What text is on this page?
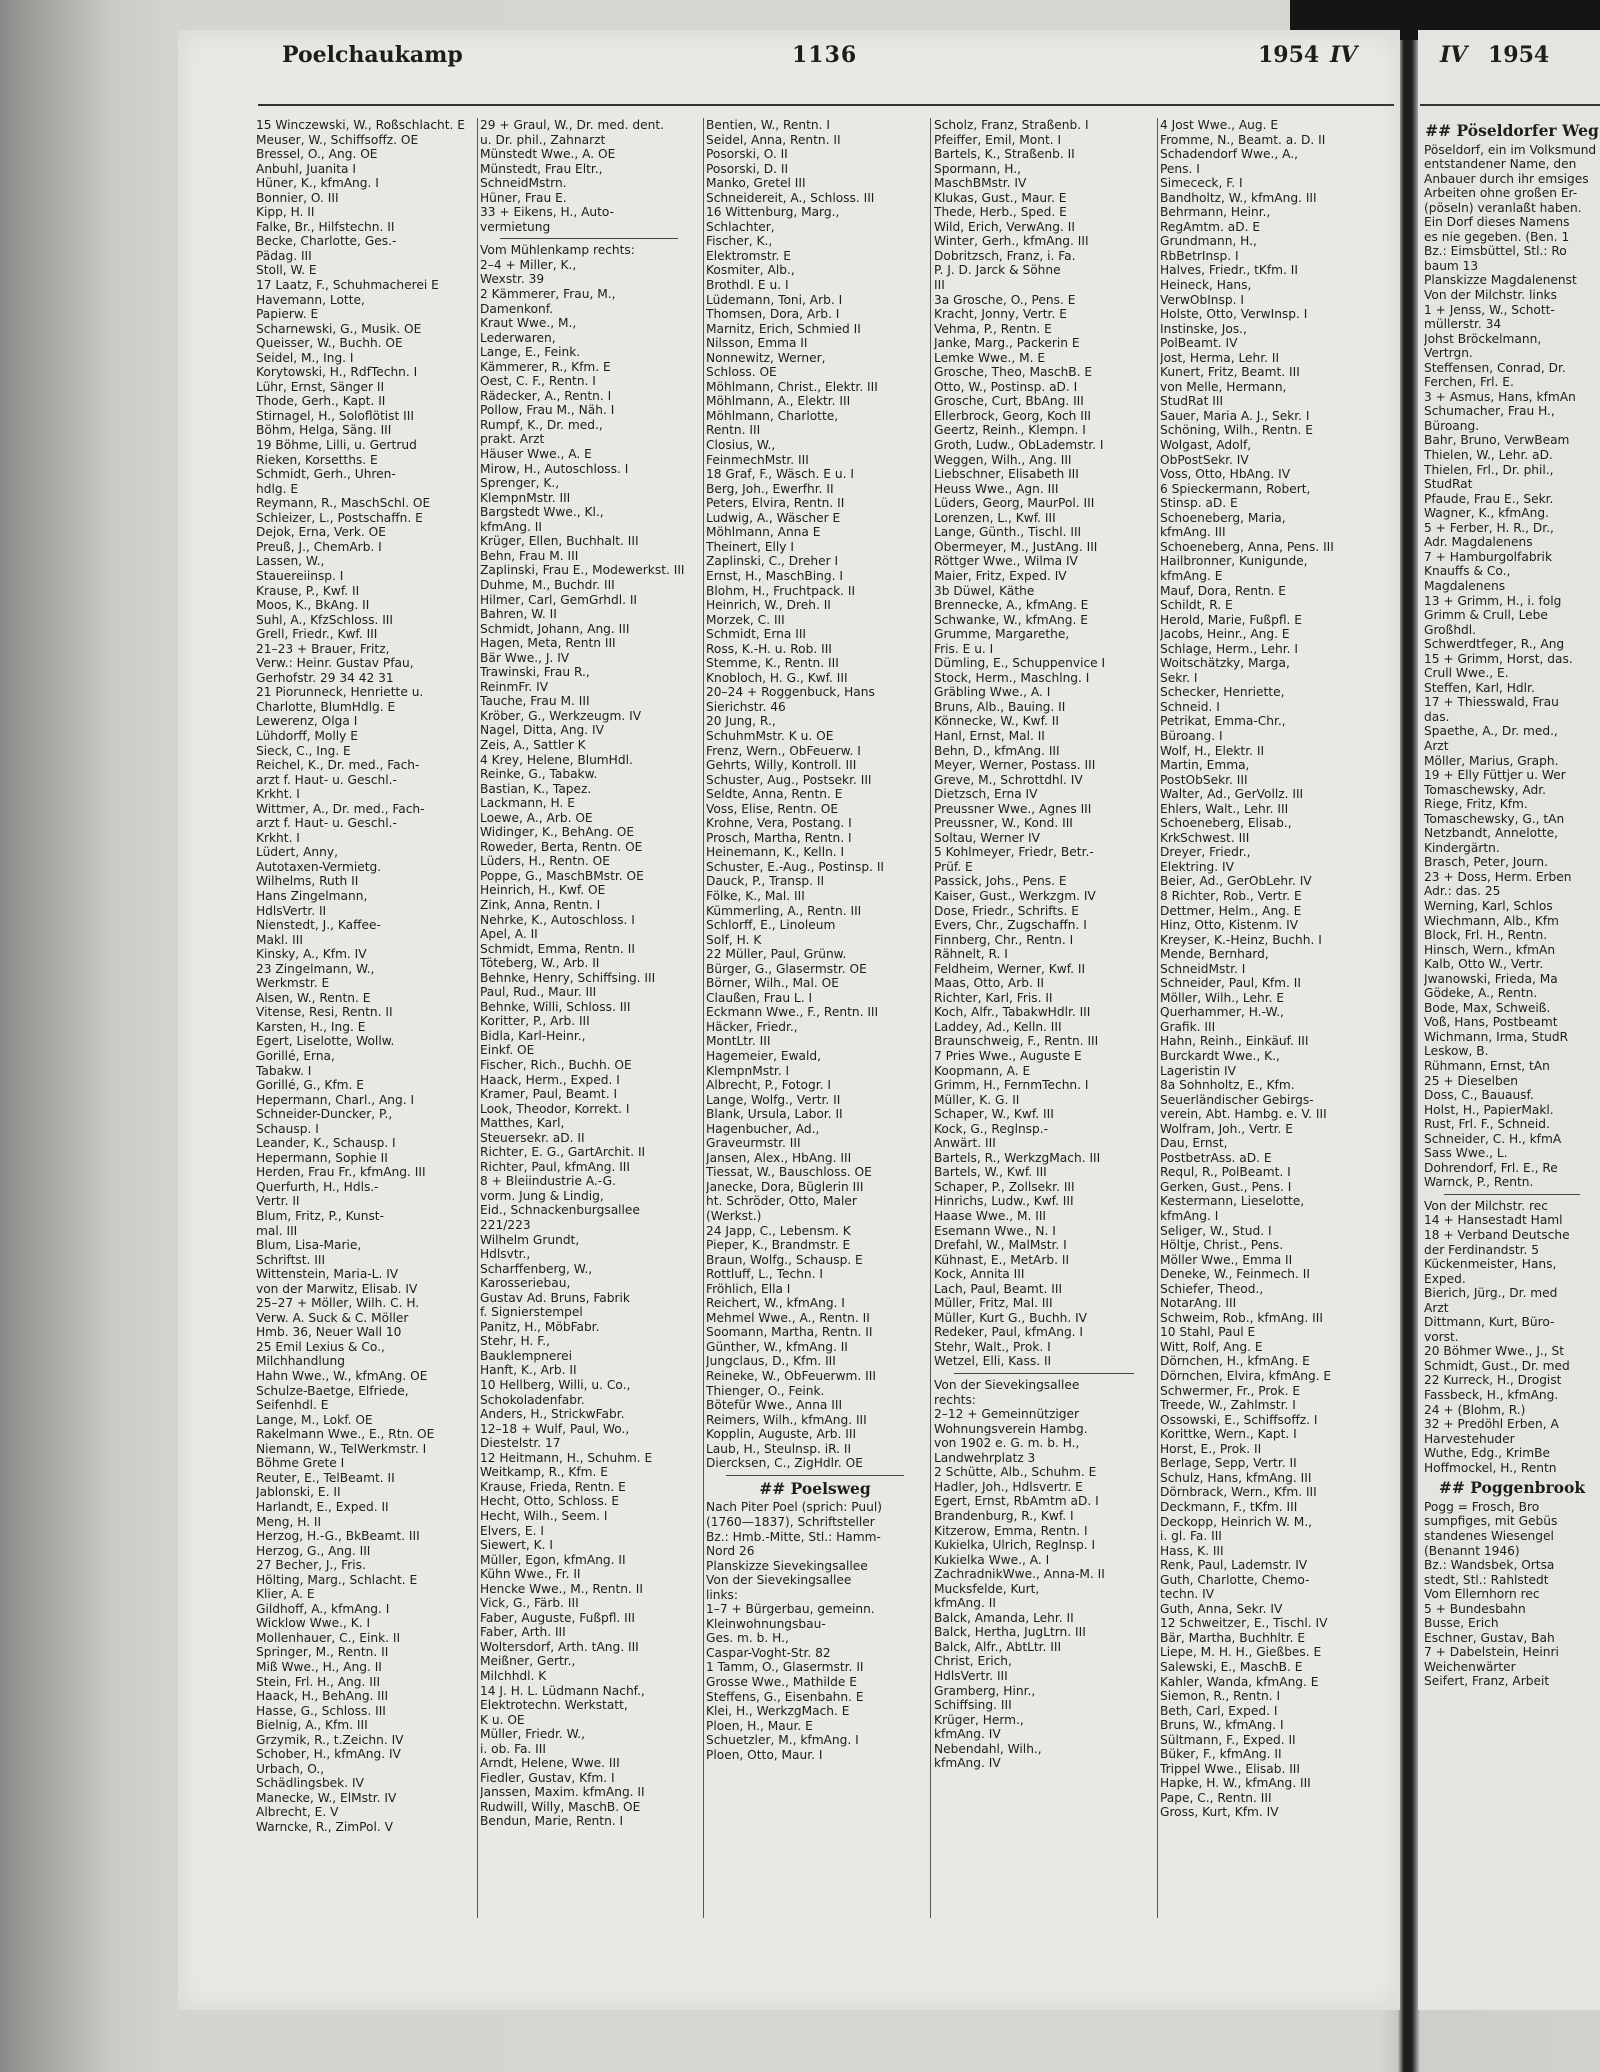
Poelchaukamp	1136	1954 IV	IV 1954
15 Winczewski, W., Roßschlacht. E
Meuser, W., Schiffsoffz. OE
Bressel, O., Ang. OE
Anbuhl, Juanita I
Hüner, K., kfmAng. I
Bonnier, O. III
Kipp, H. II
Falke, Br., Hilfstechn. II
Becke, Charlotte, Ges.-
Pädag. III
Stoll, W. E
17 Laatz, F., Schuhmacherei E
Havemann, Lotte,
Papierw. E
Scharnewski, G., Musik. OE
Queisser, W., Buchh. OE
Seidel, M., Ing. I
Korytowski, H., RdfTechn. I
Lühr, Ernst, Sänger II
Thode, Gerh., Kapt. II
Stirnagel, H., Soloflötist III
Böhm, Helga, Säng. III
19 Böhme, Lilli, u. Gertrud
Rieken, Korsetths. E
Schmidt, Gerh., Uhren-
hdlg. E
Reymann, R., MaschSchl. OE
Schleizer, L., Postschaffn. E
Dejok, Erna, Verk. OE
Preuß, J., ChemArb. I
Lassen, W.,
Stauereiinsp. I
Krause, P., Kwf. II
Moos, K., BkAng. II
Suhl, A., KfzSchloss. III
Grell, Friedr., Kwf. III
21–23 + Brauer, Fritz,
Verw.: Heinr. Gustav Pfau,
Gerhofstr. 29 34 42 31
21 Piorunneck, Henriette u.
Charlotte, BlumHdlg. E
Lewerenz, Olga I
Lühdorff, Molly E
Sieck, C., Ing. E
Reichel, K., Dr. med., Fach-
arzt f. Haut- u. Geschl.-
Krkht. I
Wittmer, A., Dr. med., Fach-
arzt f. Haut- u. Geschl.-
Krkht. I
Lüdert, Anny,
Autotaxen-Vermietg.
Wilhelms, Ruth II
Hans Zingelmann,
HdlsVertr. II
Nienstedt, J., Kaffee-
Makl. III
Kinsky, A., Kfm. IV
23 Zingelmann, W.,
Werkmstr. E
Alsen, W., Rentn. E
Vitense, Resi, Rentn. II
Karsten, H., Ing. E
Egert, Liselotte, Wollw.
Gorillé, Erna,
Tabakw. I
Gorillé, G., Kfm. E
Hepermann, Charl., Ang. I
Schneider-Duncker, P.,
Schausp. I
Leander, K., Schausp. I
Hepermann, Sophie II
Herden, Frau Fr., kfmAng. III
Querfurth, H., Hdls.-
Vertr. II
Blum, Fritz, P., Kunst-
mal. III
Blum, Lisa-Marie,
Schriftst. III
Wittenstein, Maria-L. IV
von der Marwitz, Elisab. IV
25–27 + Möller, Wilh. C. H.
Verw. A. Suck & C. Möller
Hmb. 36, Neuer Wall 10
25 Emil Lexius & Co.,
Milchhandlung
Hahn Wwe., W., kfmAng. OE
Schulze-Baetge, Elfriede,
Seifenhdl. E
Lange, M., Lokf. OE
Rakelmann Wwe., E., Rtn. OE
Niemann, W., TelWerkmstr. I
Böhme Grete I
Reuter, E., TelBeamt. II
Jablonski, E. II
Harlandt, E., Exped. II
Meng, H. II
Herzog, H.-G., BkBeamt. III
Herzog, G., Ang. III
27 Becher, J., Fris.
Hölting, Marg., Schlacht. E
Klier, A. E
Gildhoff, A., kfmAng. I
Wicklow Wwe., K. I
Mollenhauer, C., Eink. II
Springer, M., Rentn. II
Miß Wwe., H., Ang. II
Stein, Frl. H., Ang. III
Haack, H., BehAng. III
Hasse, G., Schloss. III
Bielnig, A., Kfm. III
Grzymik, R., t.Zeichn. IV
Schober, H., kfmAng. IV
Urbach, O.,
Schädlingsbek. IV
Manecke, W., ElMstr. IV
Albrecht, E. V
Warncke, R., ZimPol. V
29 + Graul, W., Dr. med. dent.
u. Dr. phil., Zahnarzt
Münstedt Wwe., A. OE
Münstedt, Frau Eltr.,
SchneidMstrn.
Hüner, Frau E.
33 + Eikens, H., Auto-
vermietung
Vom Mühlenkamp rechts:
2–4 + Miller, K.,
Wexstr. 39
2 Kämmerer, Frau, M.,
Damenkonf.
Kraut Wwe., M.,
Lederwaren,
Lange, E., Feink.
Kämmerer, R., Kfm. E
Oest, C. F., Rentn. I
Rädecker, A., Rentn. I
Pollow, Frau M., Näh. I
Rumpf, K., Dr. med.,
prakt. Arzt
Häuser Wwe., A. E
Mirow, H., Autoschloss. I
Sprenger, K.,
KlempnMstr. III
Bargstedt Wwe., Kl.,
kfmAng. II
Krüger, Ellen, Buchhalt. III
Behn, Frau M. III
Zaplinski, Frau E., Modewerkst. III
Duhme, M., Buchdr. III
Hilmer, Carl, GemGrhdl. II
Bahren, W. II
Schmidt, Johann, Ang. III
Hagen, Meta, Rentn III
Bär Wwe., J. IV
Trawinski, Frau R.,
ReinmFr. IV
Tauche, Frau M. III
Kröber, G., Werkzeugm. IV
Nagel, Ditta, Ang. IV
Zeis, A., Sattler K
4 Krey, Helene, BlumHdl.
Reinke, G., Tabakw.
Bastian, K., Tapez.
Lackmann, H. E
Loewe, A., Arb. OE
Widinger, K., BehAng. OE
Roweder, Berta, Rentn. OE
Lüders, H., Rentn. OE
Poppe, G., MaschBMstr. OE
Heinrich, H., Kwf. OE
Zink, Anna, Rentn. I
Nehrke, K., Autoschloss. I
Apel, A. II
Schmidt, Emma, Rentn. II
Töteberg, W., Arb. II
Behnke, Henry, Schiffsing. III
Paul, Rud., Maur. III
Behnke, Willi, Schloss. III
Koritter, P., Arb. III
Bidla, Karl-Heinr.,
Einkf. OE
Fischer, Rich., Buchh. OE
Haack, Herm., Exped. I
Kramer, Paul, Beamt. I
Look, Theodor, Korrekt. I
Matthes, Karl,
Steuersekr. aD. II
Richter, E. G., GartArchit. II
Richter, Paul, kfmAng. III
8 + Bleiindustrie A.-G.
vorm. Jung & Lindig,
Eid., Schnackenburgsallee
221/223
Wilhelm Grundt,
Hdlsvtr.,
Scharffenberg, W.,
Karosseriebau,
Gustav Ad. Bruns, Fabrik
f. Signierstempel
Panitz, H., MöbFabr.
Stehr, H. F.,
Bauklempnerei
Hanft, K., Arb. II
10 Hellberg, Willi, u. Co.,
Schokoladenfabr.
Anders, H., StrickwFabr.
12–18 + Wulf, Paul, Wo.,
Diestelstr. 17
12 Heitmann, H., Schuhm. E
Weitkamp, R., Kfm. E
Krause, Frieda, Rentn. E
Hecht, Otto, Schloss. E
Hecht, Wilh., Seem. I
Elvers, E. I
Siewert, K. I
Müller, Egon, kfmAng. II
Kühn Wwe., Fr. II
Hencke Wwe., M., Rentn. II
Vick, G., Färb. III
Faber, Auguste, Fußpfl. III
Faber, Arth. III
Woltersdorf, Arth. tAng. III
Meißner, Gertr.,
Milchhdl. K
14 J. H. L. Lüdmann Nachf.,
Elektrotechn. Werkstatt,
K u. OE
Müller, Friedr. W.,
i. ob. Fa. III
Arndt, Helene, Wwe. III
Fiedler, Gustav, Kfm. I
Janssen, Maxim. kfmAng. II
Rudwill, Willy, MaschB. OE
Bendun, Marie, Rentn. I
Bentien, W., Rentn. I
Seidel, Anna, Rentn. II
Posorski, O. II
Posorski, D. II
Manko, Gretel III
Schneiderеit, A., Schloss. III
16 Wittenburg, Marg.,
Schlachter,
Fischer, K.,
Elektromstr. E
Kosmiter, Alb.,
Brothdl. E u. I
Lüdemann, Toni, Arb. I
Thomsen, Dora, Arb. I
Marnitz, Erich, Schmied II
Nilsson, Emma II
Nonnewitz, Werner,
Schloss. OE
Möhlmann, Christ., Elektr. III
Möhlmann, A., Elektr. III
Möhlmann, Charlotte,
Rentn. III
Closius, W.,
FeinmechMstr. III
18 Graf, F., Wäsch. E u. I
Berg, Joh., Ewerfhr. II
Peters, Elvira, Rentn. II
Ludwig, A., Wäscher E
Möhlmann, Anna E
Theinert, Elly I
Zaplinski, C., Dreher I
Ernst, H., MaschBing. I
Blohm, H., Fruchtpack. II
Heinrich, W., Dreh. II
Morzek, C. III
Schmidt, Erna III
Ross, K.-H. u. Rob. III
Stemme, K., Rentn. III
Knobloch, H. G., Kwf. III
20–24 + Roggenbuck, Hans
Sierichstr. 46
20 Jung, R.,
SchuhmMstr. K u. OE
Frenz, Wern., ObFeuerw. I
Gehrts, Willy, Kontroll. III
Schuster, Aug., Postsekr. III
Seldte, Anna, Rentn. E
Voss, Elise, Rentn. OE
Krohne, Vera, Postang. I
Prosch, Martha, Rentn. I
Heinemann, K., Kelln. I
Schuster, E.-Aug., Postinsp. II
Dauck, P., Transp. II
Fölke, K., Mal. III
Kümmerling, A., Rentn. III
Schlorff, E., Linoleum
Solf, H. K
22 Müller, Paul, Grünw.
Bürger, G., Glasermstr. OE
Börner, Wilh., Mal. OE
Claußen, Frau L. I
Eckmann Wwe., F., Rentn. III
Häcker, Friedr.,
MontLtr. III
Hagemeier, Ewald,
KlempnMstr. I
Albrecht, P., Fotogr. I
Lange, Wolfg., Vertr. II
Blank, Ursula, Labor. II
Hagenbucher, Ad.,
Graveurmstr. III
Jansen, Alex., HbAng. III
Tiessat, W., Bauschloss. OE
Janecke, Dora, Büglerin III
ht. Schröder, Otto, Maler
(Werkst.)
24 Japp, C., Lebensm. K
Pieper, K., Brandmstr. E
Braun, Wolfg., Schausp. E
Rottluff, L., Techn. I
Fröhlich, Ella I
Reichert, W., kfmAng. I
Mehmel Wwe., A., Rentn. II
Soomann, Martha, Rentn. II
Günther, W., kfmAng. II
Jungclaus, D., Kfm. III
Reineke, W., ObFeuerwm. III
Thienger, O., Feink.
Bötefür Wwe., Anna III
Reimers, Wilh., kfmAng. III
Kopplin, Auguste, Arb. III
Laub, H., Steulnsp. iR. II
Diercksen, C., ZigHdlr. OE
## Poelsweg
Nach Piter Poel (sprich: Puul)
(1760—1837), Schriftsteller
Bz.: Hmb.-Mitte, Stl.: Hamm-
Nord 26
Planskizze Sievekingsallee
Von der Sievekingsallee
links:
1–7 + Bürgerbau, gemeinn.
Kleinwohnungsbau-
Ges. m. b. H.,
Caspar-Voght-Str. 82
1 Tamm, O., Glasermstr. II
Grosse Wwe., Mathilde E
Steffens, G., Eisenbahn. E
Klei, H., WerkzgMach. E
Ploen, H., Maur. E
Schuetzler, M., kfmAng. I
Ploen, Otto, Maur. I
Scholz, Franz, Straßenb. I
Pfeiffer, Emil, Mont. I
Bartels, K., Straßenb. II
Spormann, H.,
MaschBMstr. IV
Klukas, Gust., Maur. E
Thede, Herb., Sped. E
Wild, Erich, VerwAng. II
Winter, Gerh., kfmAng. III
Dobritzsch, Franz, i. Fa.
P. J. D. Jarck & Söhne
III
3a Grosche, O., Pens. E
Kracht, Jonny, Vertr. E
Vehma, P., Rentn. E
Janke, Marg., Packerin E
Lemke Wwe., M. E
Grosche, Theo, MaschB. E
Otto, W., Postinsp. aD. I
Grosche, Curt, BbAng. III
Ellerbrock, Georg, Koch III
Geertz, Reinh., Klempn. I
Groth, Ludw., ObLademstr. I
Weggen, Wilh., Ang. III
Liebschner, Elisabeth III
Heuss Wwe., Agn. III
Lüders, Georg, MaurPol. III
Lorenzen, L., Kwf. III
Lange, Günth., Tischl. III
Obermeyer, M., JustAng. III
Röttger Wwe., Wilma IV
Maier, Fritz, Exped. IV
3b Düwel, Käthe
Brennecke, A., kfmAng. E
Schwanke, W., kfmAng. E
Grumme, Margarethe,
Fris. E u. I
Dümling, E., Schuppenvice I
Stock, Herm., Maschlng. I
Gräbling Wwe., A. I
Bruns, Alb., Bauing. II
Könnecke, W., Kwf. II
Hanl, Ernst, Mal. II
Behn, D., kfmAng. III
Meyer, Werner, Postass. III
Greve, M., Schrottdhl. IV
Dietzsch, Erna IV
Preussner Wwe., Agnes III
Preussner, W., Kond. III
Soltau, Werner IV
5 Kohlmeyer, Friedr, Betr.-
Prüf. E
Passick, Johs., Pens. E
Kaiser, Gust., Werkzgm. IV
Dose, Friedr., Schrifts. E
Evers, Chr., Zugschaffn. I
Finnberg, Chr., Rentn. I
Rähnelt, R. I
Feldheim, Werner, Kwf. II
Maas, Otto, Arb. II
Richter, Karl, Fris. II
Koch, Alfr., TabakwHdlr. III
Laddey, Ad., Kelln. III
Braunschweig, F., Rentn. III
7 Pries Wwe., Auguste E
Koopmann, A. E
Grimm, H., FernmTechn. I
Müller, K. G. II
Schaper, W., Kwf. III
Kock, G., Reglnsp.-
Anwärt. III
Bartels, R., WerkzgMach. III
Bartels, W., Kwf. III
Schaper, P., Zollsekr. III
Hinrichs, Ludw., Kwf. III
Haase Wwe., M. III
Esemann Wwe., N. I
Drefahl, W., MalMstr. I
Kühnast, E., MetArb. II
Kock, Annita III
Lach, Paul, Beamt. III
Müller, Fritz, Mal. III
Müller, Kurt G., Buchh. IV
Redeker, Paul, kfmAng. I
Stehr, Walt., Prok. I
Wetzel, Elli, Kass. II
Von der Sievekingsallee
rechts:
2–12 + Gemeinnütziger
Wohnungsverein Hambg.
von 1902 e. G. m. b. H.,
Landwehrplatz 3
2 Schütte, Alb., Schuhm. E
Hadler, Joh., Hdlsvertr. E
Egert, Ernst, RbAmtm aD. I
Brandenburg, R., Kwf. I
Kitzerow, Emma, Rentn. I
Kukielka, Ulrich, Reglnsp. I
Kukielka Wwe., A. I
ZachradnikWwe., Anna-M. II
Mucksfelde, Kurt,
kfmAng. II
Balck, Amanda, Lehr. II
Balck, Hertha, JugLtrn. III
Balck, Alfr., AbtLtr. III
Christ, Erich,
HdlsVertr. III
Gramberg, Hinr.,
Schiffsing. III
Krüger, Herm.,
kfmAng. IV
Nebendahl, Wilh.,
kfmAng. IV
4 Jost Wwe., Aug. E
Fromme, N., Beamt. a. D. II
Schadendorf Wwe., A.,
Pens. I
Simececk, F. I
Bandholtz, W., kfmAng. III
Behrmann, Heinr.,
RegAmtm. aD. E
Grundmann, H.,
RbBetrInsp. I
Halves, Friedr., tKfm. II
Heineck, Hans,
VerwObInsp. I
Holste, Otto, VerwInsp. I
Instinske, Jos.,
PolBeamt. IV
Jost, Herma, Lehr. II
Kunert, Fritz, Beamt. III
von Melle, Hermann,
StudRat III
Sauer, Maria A. J., Sekr. I
Schöning, Wilh., Rentn. E
Wolgast, Adolf,
ObPostSekr. IV
Voss, Otto, HbAng. IV
6 Spieckermann, Robert,
Stinsp. aD. E
Schoeneberg, Maria,
kfmAng. III
Schoeneberg, Anna, Pens. III
Hailbronner, Kunigunde,
kfmAng. E
Mauf, Dora, Rentn. E
Schildt, R. E
Herold, Marie, Fußpfl. E
Jacobs, Heinr., Ang. E
Schlage, Herm., Lehr. I
Woitschätzky, Marga,
Sekr. I
Schecker, Henriette,
Schneid. I
Petrikat, Emma-Chr.,
Büroang. I
Wolf, H., Elektr. II
Martin, Emma,
PostObSekr. III
Walter, Ad., GerVollz. III
Ehlers, Walt., Lehr. III
Schoeneberg, Elisab.,
KrkSchwest. III
Dreyer, Friedr.,
Elektring. IV
Beier, Ad., GerObLehr. IV
8 Richter, Rob., Vertr. E
Dettmer, Helm., Ang. E
Hinz, Otto, Kistenm. IV
Kreyser, K.-Heinz, Buchh. I
Mende, Bernhard,
SchneidMstr. I
Schneider, Paul, Kfm. II
Möller, Wilh., Lehr. E
Querhammer, H.-W.,
Grafik. III
Hahn, Reinh., Einkäuf. III
Burckardt Wwe., K.,
Lageristin IV
8a Sohnholtz, E., Kfm.
Seuerländischer Gebirgs-
verein, Abt. Hambg. e. V. III
Wolfram, Joh., Vertr. E
Dau, Ernst,
PostbetrAss. aD. E
Requl, R., PolBeamt. I
Gerken, Gust., Pens. I
Kestermann, Lieselotte,
kfmAng. I
Seliger, W., Stud. I
Höltje, Christ., Pens.
Möller Wwe., Emma II
Deneke, W., Feinmech. II
Schiefer, Theod.,
NotarAng. III
Schweim, Rob., kfmAng. III
10 Stahl, Paul E
Witt, Rolf, Ang. E
Dörnchen, H., kfmAng. E
Dörnchen, Elvira, kfmAng. E
Schwermer, Fr., Prok. E
Treede, W., Zahlmstr. I
Ossowski, E., Schiffsoffz. I
Korittke, Wern., Kapt. I
Horst, E., Prok. II
Berlage, Sepp, Vertr. II
Schulz, Hans, kfmAng. III
Dörnbrack, Wern., Kfm. III
Deckmann, F., tKfm. III
Deckopp, Heinrich W. M.,
i. gl. Fa. III
Hass, K. III
Renk, Paul, Lademstr. IV
Guth, Charlotte, Chemo-
techn. IV
Guth, Anna, Sekr. IV
12 Schweitzer, E., Tischl. IV
Bär, Martha, Buchhltr. E
Liepe, M. H. H., Gießbes. E
Salewski, E., MaschB. E
Kahler, Wanda, kfmAng. E
Siemon, R., Rentn. I
Beth, Carl, Exped. I
Bruns, W., kfmAng. I
Sültmann, F., Exped. II
Büker, F., kfmAng. II
Trippel Wwe., Elisab. III
Hapke, H. W., kfmAng. III
Pape, C., Rentn. III
Gross, Kurt, Kfm. IV
## Pöseldorfer Weg
Pöseldorf, ein im Volksmund
entstandener Name, den
Anbauer durch ihr emsiges
Arbeiten ohne großen Er-
(pöseln) veranlaßt haben.
Ein Dorf dieses Namens
es nie gegeben. (Ben. 1
Bz.: Eimsbüttel, Stl.: Ro
baum 13
Planskizze Magdalenenst
Von der Milchstr. links
1 + Jenss, W., Schott-
müllerstr. 34
Johst Bröckelmann,
Vertrgn.
Steffensen, Conrad, Dr.
Ferchen, Frl. E.
3 + Asmus, Hans, kfmAn
Schumacher, Frau H.,
Büroang.
Bahr, Bruno, VerwBeam
Thielen, W., Lehr. aD.
Thielen, Frl., Dr. phil.,
StudRat
Pfaude, Frau E., Sekr.
Wagner, K., kfmAng.
5 + Ferber, H. R., Dr.,
Adr. Magdalenens
7 + Hamburgolfabrik
Knauffs & Co.,
Magdalenens
13 + Grimm, H., i. folg
Grimm & Crull, Lebe
Großhdl.
Schwerdtfeger, R., Ang
15 + Grimm, Horst, das.
Crull Wwe., E.
Steffen, Karl, Hdlr.
17 + Thiesswald, Frau
das.
Spaethe, A., Dr. med.,
Arzt
Möller, Marius, Graph.
19 + Elly Füttjer u. Wer
Tomaschewsky, Adr.
Riege, Fritz, Kfm.
Tomaschewsky, G., tAn
Netzbandt, Annelotte,
Kindergärtn.
Brasch, Peter, Journ.
23 + Doss, Herm. Erben
Adr.: das. 25
Werning, Karl, Schlos
Wiechmann, Alb., Kfm
Block, Frl. H., Rentn.
Hinsch, Wern., kfmAn
Kalb, Otto W., Vertr.
Jwanowski, Frieda, Ma
Gödeke, A., Rentn.
Bode, Max, Schweiß.
Voß, Hans, Postbeamt
Wichmann, Irma, StudR
Leskow, B.
Rühmann, Ernst, tAn
25 + Dieselben
Doss, C., Bauausf.
Holst, H., PapierMakl.
Rust, Frl. F., Schneid.
Schneider, C. H., kfmA
Sass Wwe., L.
Dohrendorf, Frl. E., Re
Warnck, P., Rentn.
Von der Milchstr. rec
14 + Hansestadt Haml
18 + Verband Deutsche
der Ferdinandstr. 5
Kückenmeister, Hans,
Exped.
Bierich, Jürg., Dr. med
Arzt
Dittmann, Kurt, Büro-
vorst.
20 Böhmer Wwe., J., St
Schmidt, Gust., Dr. med
22 Kurreck, H., Drogist
Fassbeck, H., kfmAng.
24 + (Blohm, R.)
32 + Predöhl Erben, A
Harvestehuder
Wuthe, Edg., KrimBe
Hoffmockel, H., Rentn
## Poggenbrook
Pogg = Frosch, Bro
sumpfiges, mit Gebüs
standenes Wiesengel
(Benannt 1946)
Bz.: Wandsbek, Ortsa
stedt, Stl.: Rahlstedt
Vom Ellernhorn rec
5 + Bundesbahn
Busse, Erich
Eschner, Gustav, Bah
7 + Dabelstein, Heinri
Weichenwärter
Seifert, Franz, Arbeit
